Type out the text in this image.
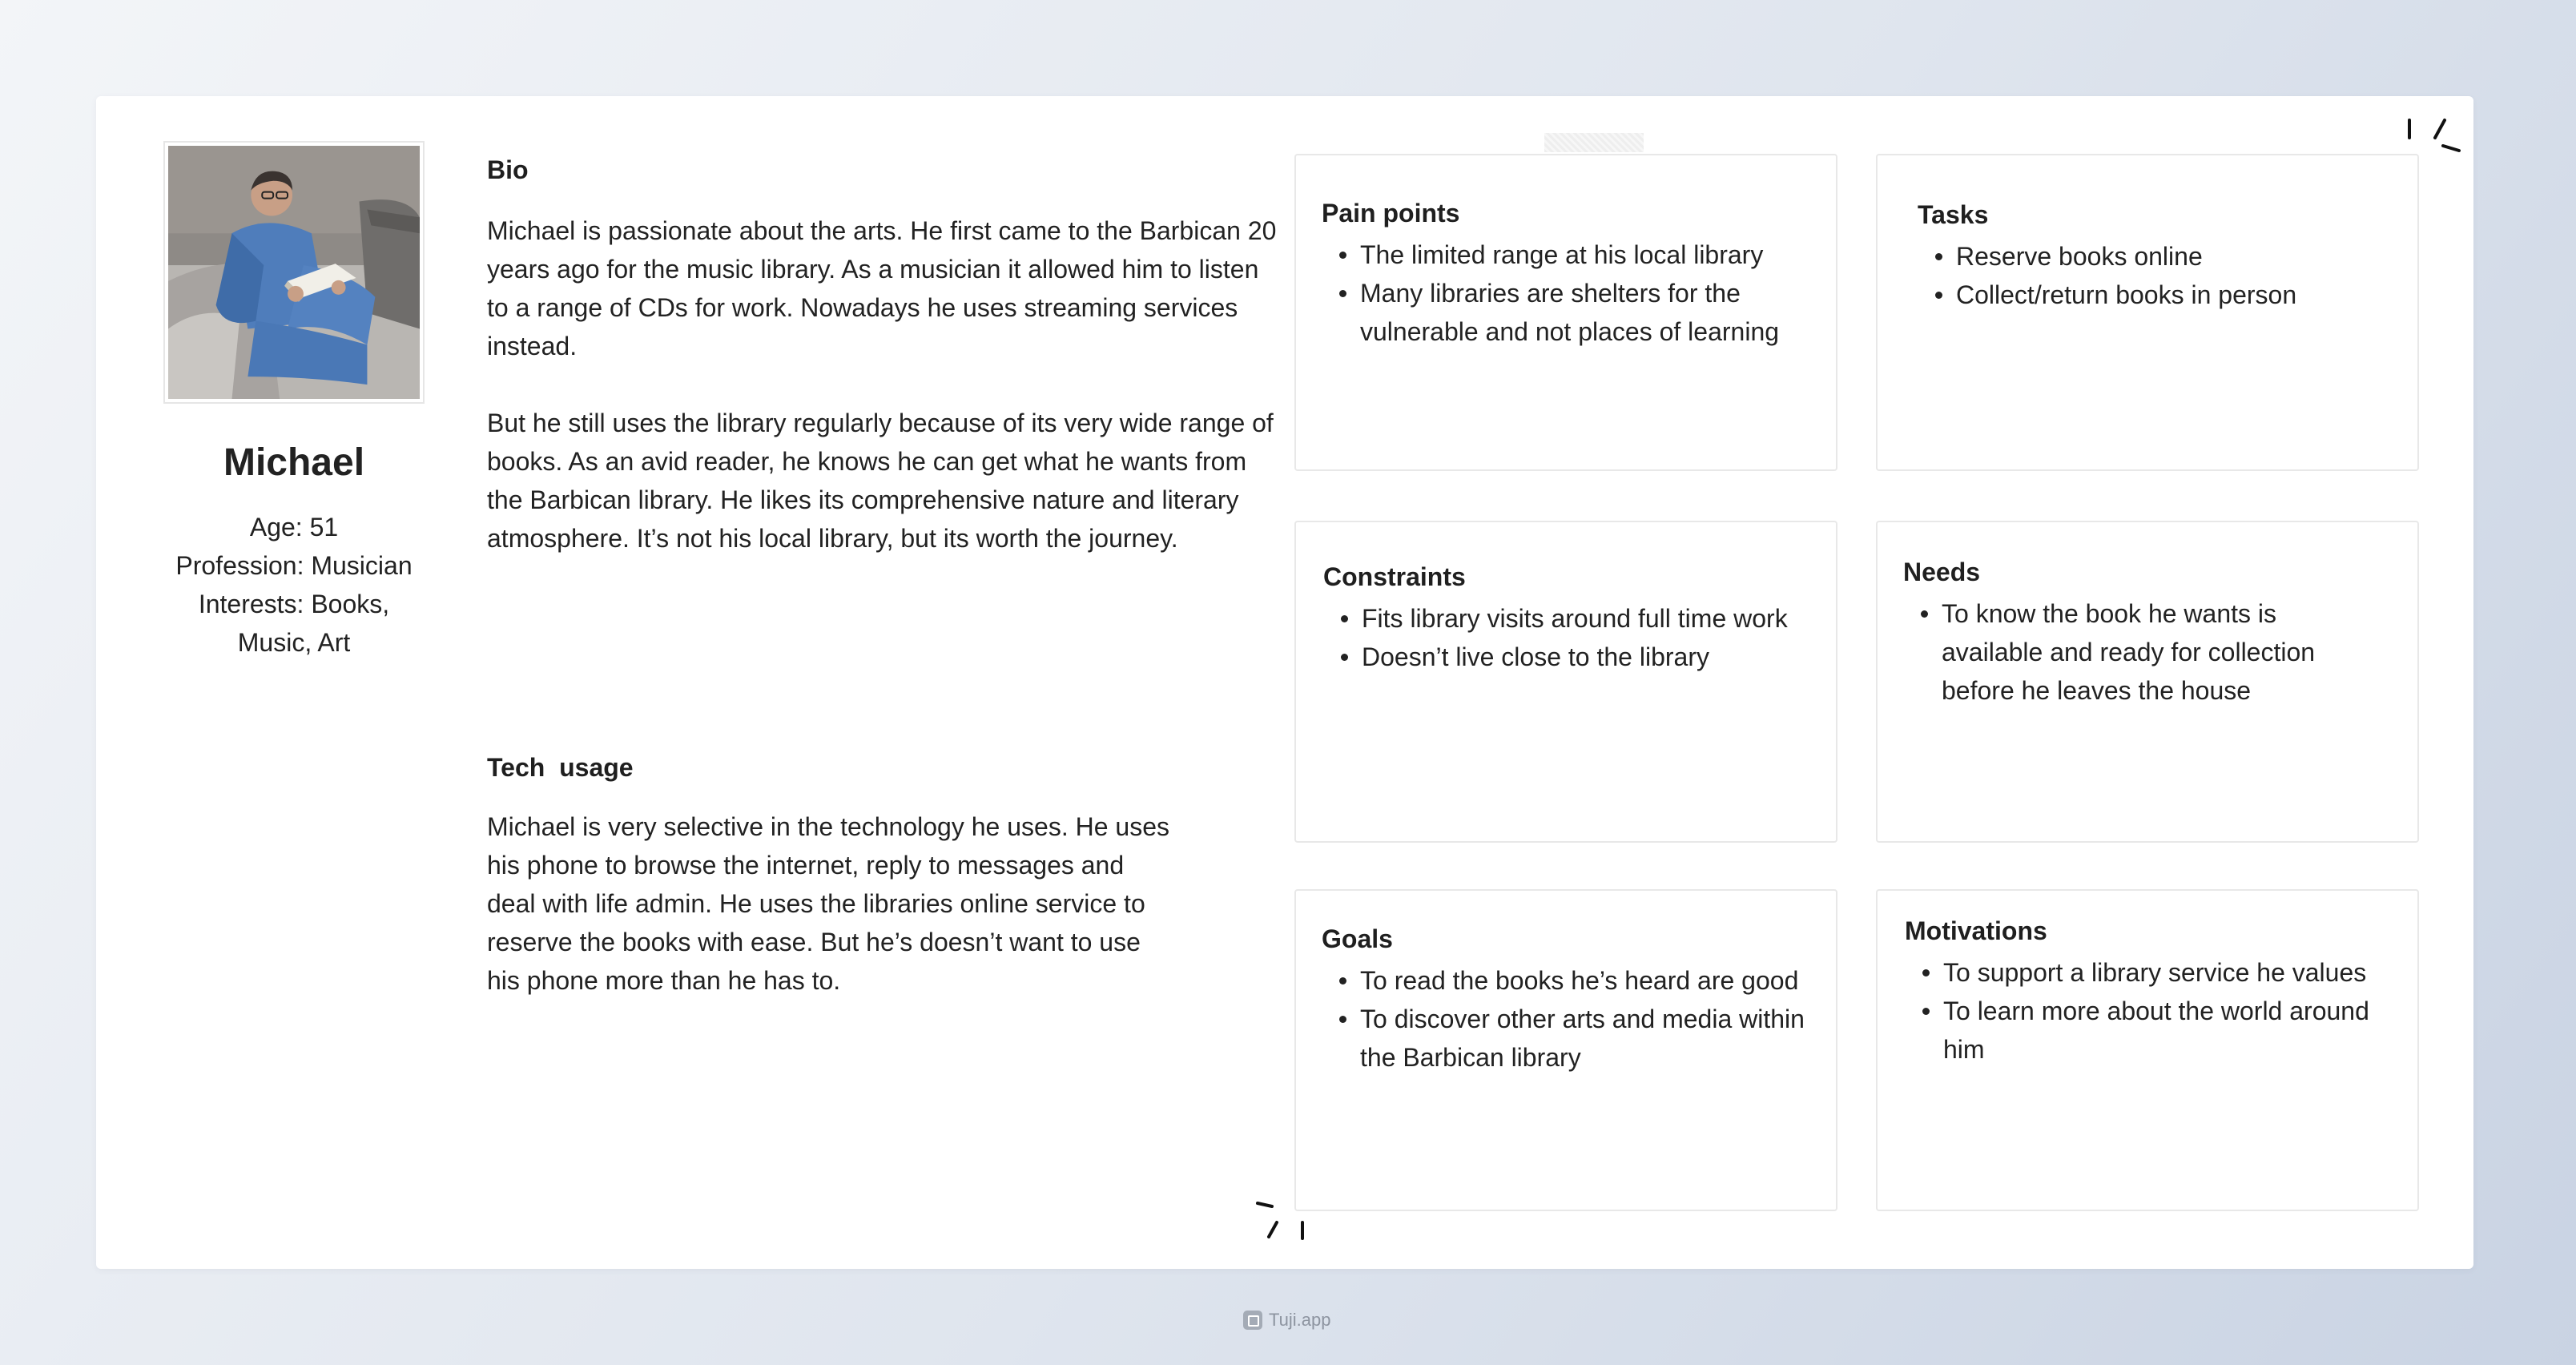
Michael
Age: 51
Profession: Musician
Interests: Books,
Music, Art
Bio

Michael is passionate about the arts. He first came to the Barbican 20 years ago for the music library. As a musician it allowed him to listen to a range of CDs for work. Nowadays he uses streaming services instead.

But he still uses the library regularly because of its very wide range of books. As an avid reader, he knows he can get what he wants from the Barbican library. He likes its comprehensive nature and literary atmosphere. It’s not his local library, but its worth the journey.

Tech  usage

Michael is very selective in the technology he uses. He uses his phone to browse the internet, reply to messages and deal with life admin. He uses the libraries online service to reserve the books with ease. But he’s doesn’t want to use his phone more than he has to.

Pain points
The limited range at his local library
Many libraries are shelters for the vulnerable and not places of learning
Tasks
Reserve books online
Collect/return books in person
Constraints
Fits library visits around full time work
Doesn’t live close to the library
Needs
To know the book he wants is available and ready for collection before he leaves the house
Goals
To read the books he’s heard are good
To discover other arts and media within the Barbican library
Motivations
To support a library service he values
To learn more about the world around him
Tuji.app
